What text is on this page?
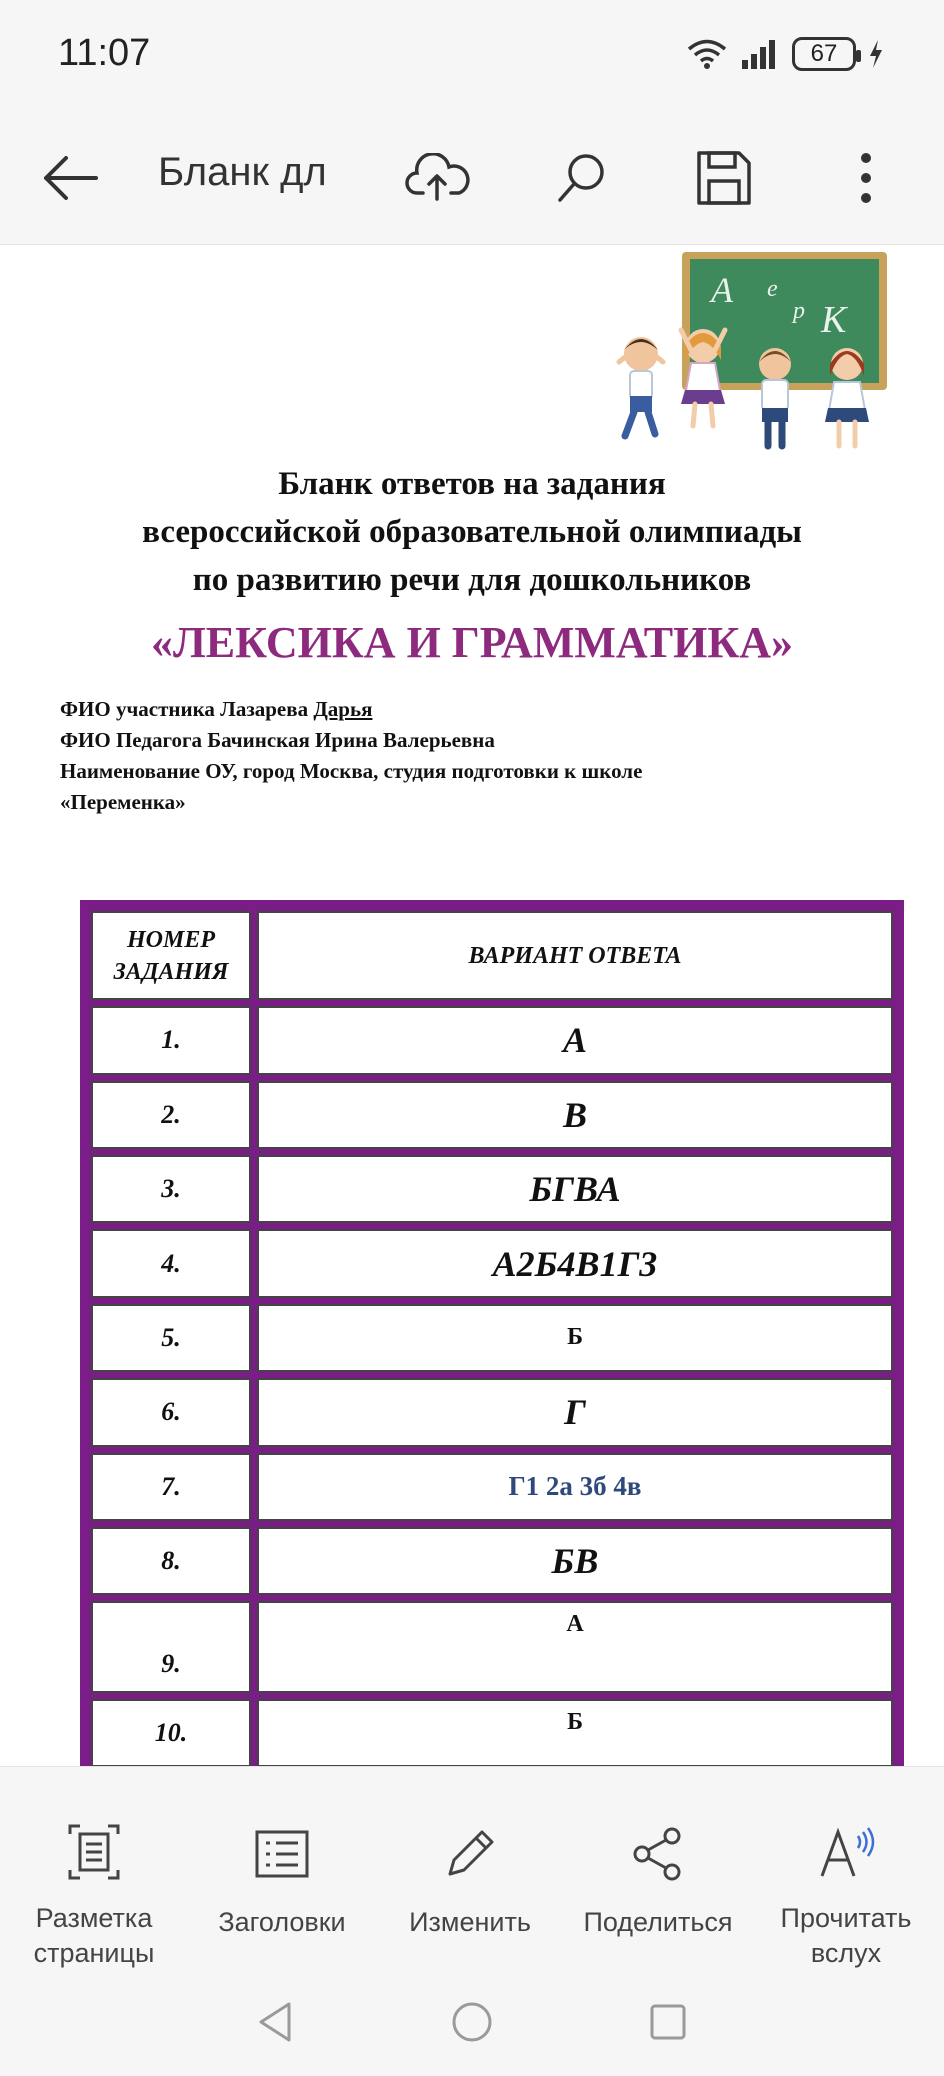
11:07	67
Бланк дл
А е
р К
Бланк ответов на задания
всероссийской образовательной олимпиады
по развитию речи для дошкольников
«ЛЕКСИКА И ГРАММАТИКА»
ФИО участника Лазарева Дарья
ФИО Педагога Бачинская Ирина Валерьевна
Наименование ОУ, город Москва, студия подготовки к школе
«Переменка»
НОМЕР
ЗАДАНИЯ	ВАРИАНТ ОТВЕТА
1.	А
2.	В
3.	БГВА
4.	А2Б4В1Г3
5.	Б
6.	Г
7.	Г1 2а 3б 4в
8.	БВ
9.	А
10.	Б
Разметка страницы
Заголовки	Изменить	Поделиться	Прочитать вслух
